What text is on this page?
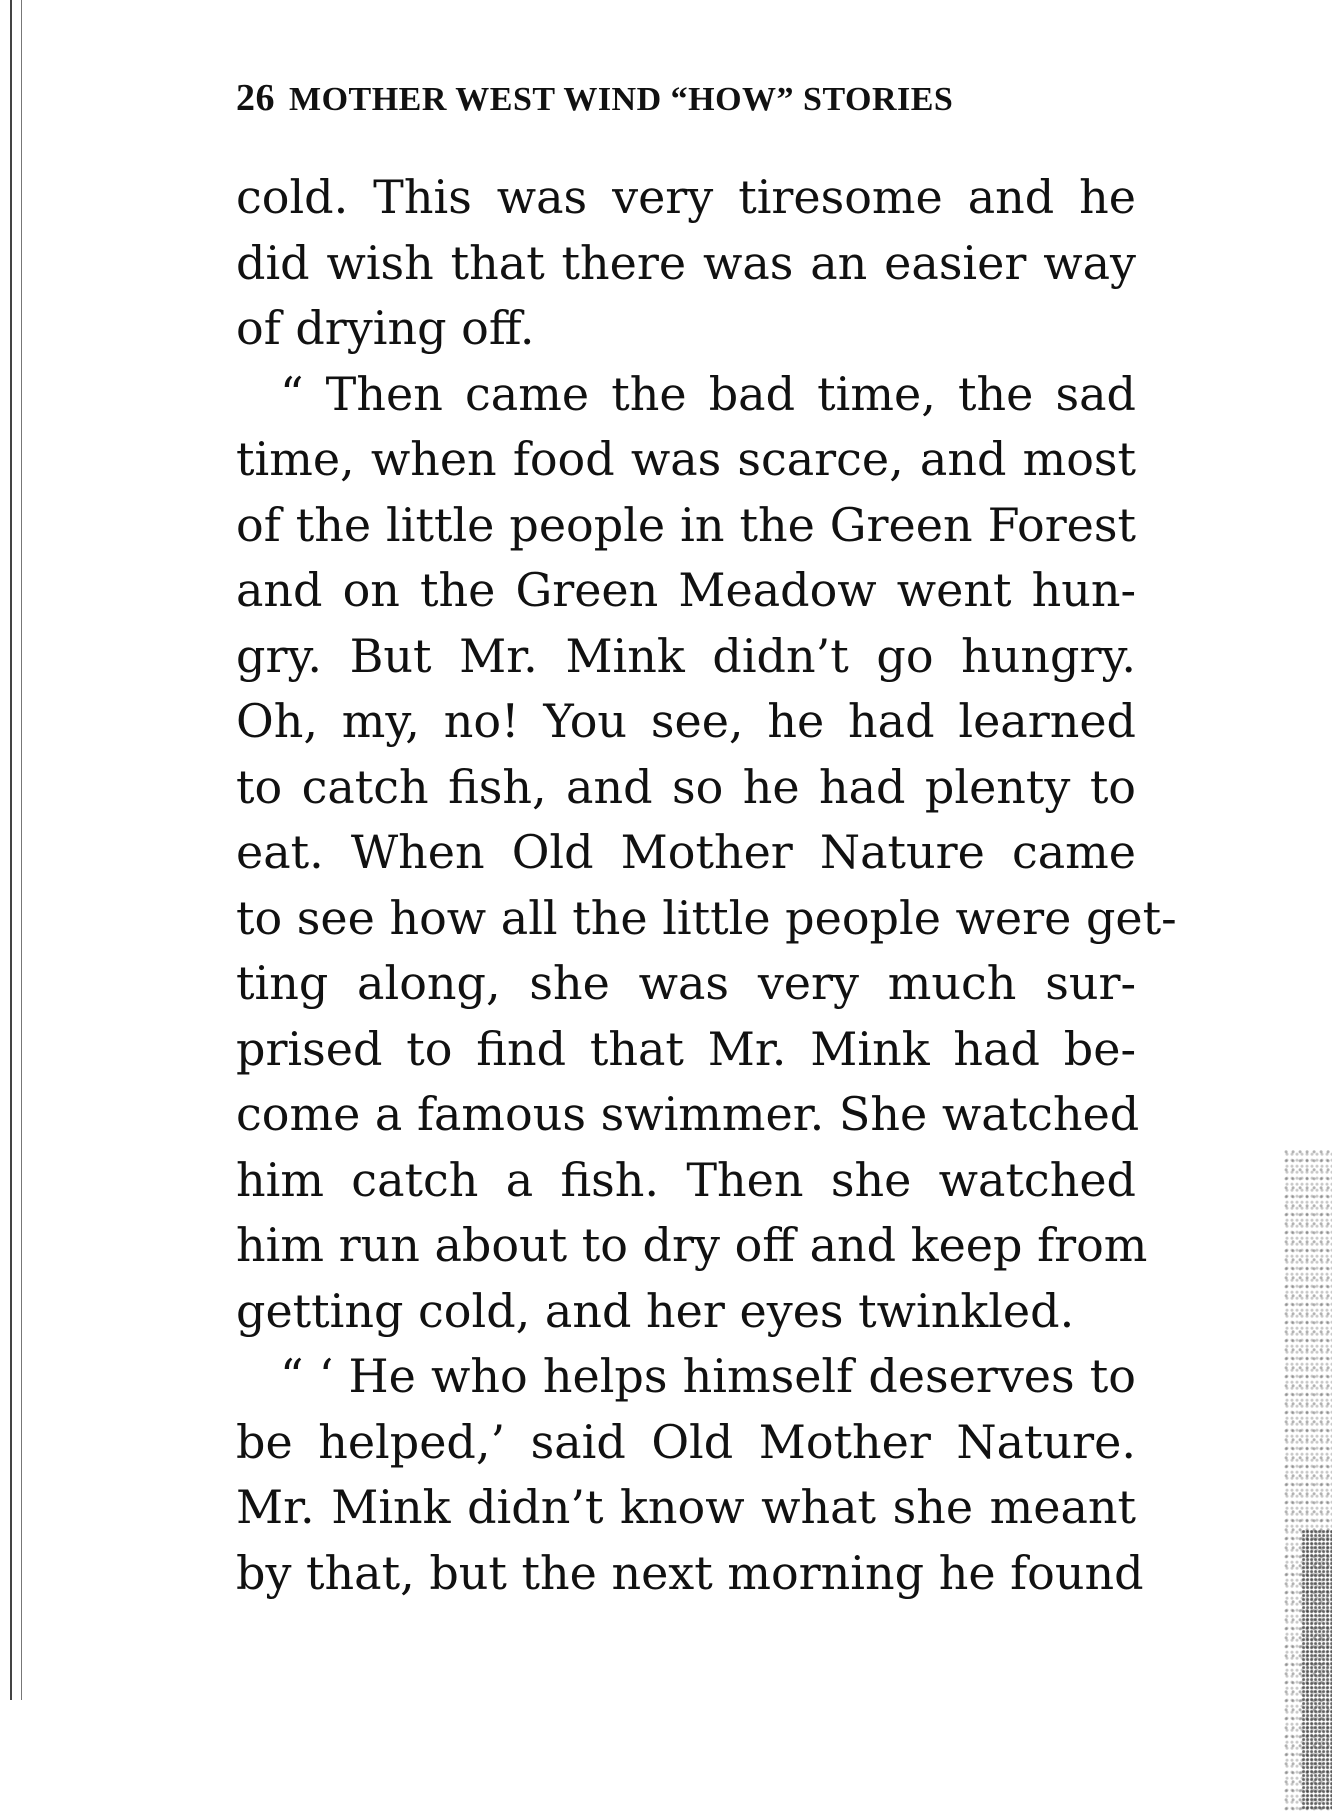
26 MOTHER WEST WIND “HOW” STORIES
cold. This was very tiresome and he
did wish that there was an easier way
of drying off.
“ Then came the bad time, the sad
time, when food was scarce, and most
of the little people in the Green Forest
and on the Green Meadow went hun-
gry. But Mr. Mink didn’t go hungry.
Oh, my, no! You see, he had learned
to catch fish, and so he had plenty to
eat. When Old Mother Nature came
to see how all the little people were get-
ting along, she was very much sur-
prised to find that Mr. Mink had be-
come a famous swimmer. She watched
him catch a fish. Then she watched
him run about to dry off and keep from
getting cold, and her eyes twinkled.
“ ‘ He who helps himself deserves to
be helped,’ said Old Mother Nature.
Mr. Mink didn’t know what she meant
by that, but the next morning he found
